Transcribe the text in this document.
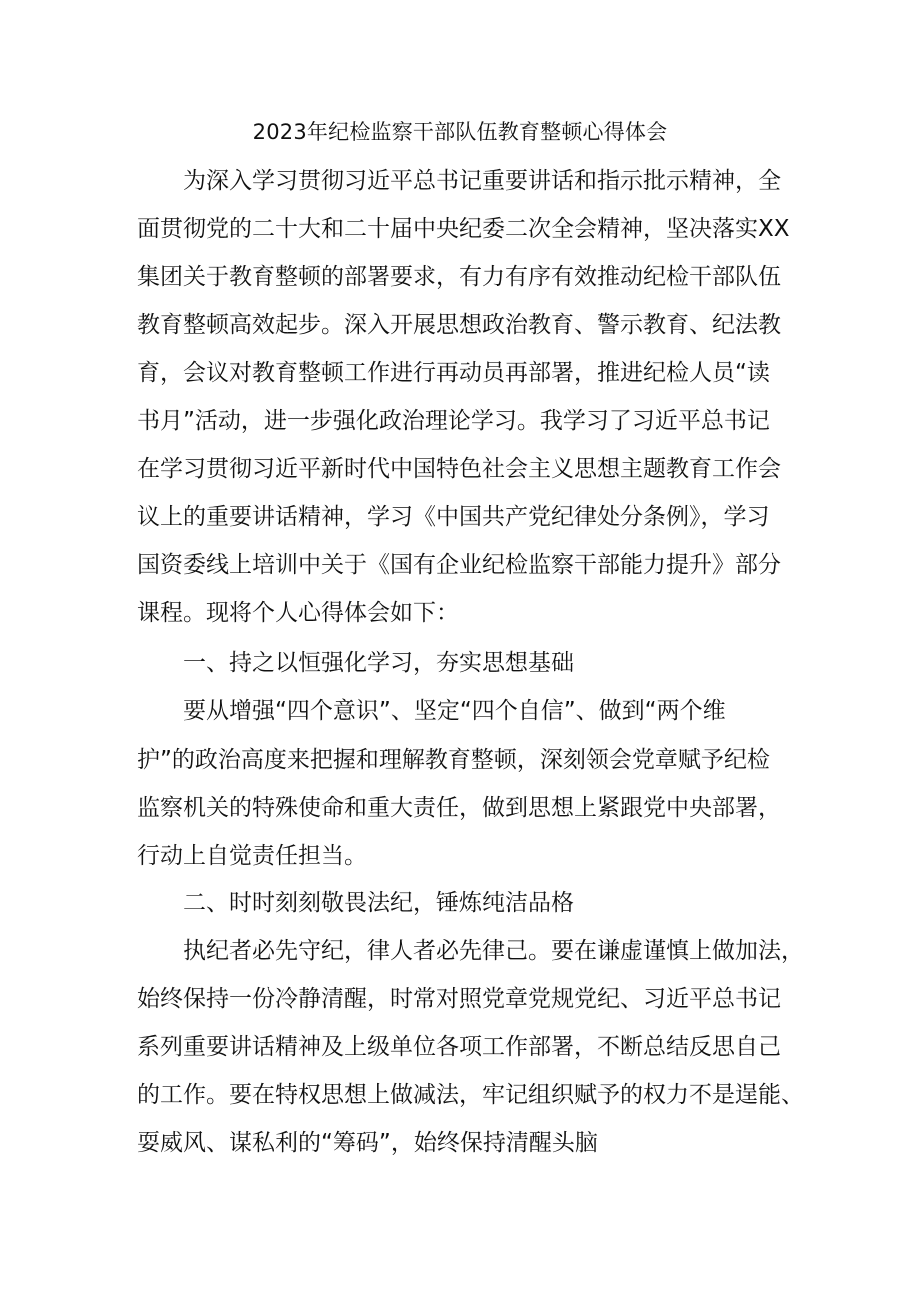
2023年纪检监察干部队伍教育整顿心得体会
为深入学习贯彻习近平总书记重要讲话和指示批示精神，全
面贯彻党的二十大和二十届中央纪委二次全会精神，坚决落实XX
集团关于教育整顿的部署要求，有力有序有效推动纪检干部队伍
教育整顿高效起步。深入开展思想政治教育、警示教育、纪法教
育，会议对教育整顿工作进行再动员再部署，推进纪检人员“读
书月”活动，进一步强化政治理论学习。我学习了习近平总书记
在学习贯彻习近平新时代中国特色社会主义思想主题教育工作会
议上的重要讲话精神，学习《中国共产党纪律处分条例》，学习
国资委线上培训中关于《国有企业纪检监察干部能力提升》部分
课程。现将个人心得体会如下：
一、持之以恒强化学习，夯实思想基础
要从增强“四个意识”、坚定“四个自信”、做到“两个维
护”的政治高度来把握和理解教育整顿，深刻领会党章赋予纪检
监察机关的特殊使命和重大责任，做到思想上紧跟党中央部署，
行动上自觉责任担当。
二、时时刻刻敬畏法纪，锤炼纯洁品格
执纪者必先守纪，律人者必先律己。要在谦虚谨慎上做加法，
始终保持一份冷静清醒，时常对照党章党规党纪、习近平总书记
系列重要讲话精神及上级单位各项工作部署，不断总结反思自己
的工作。要在特权思想上做减法，牢记组织赋予的权力不是逞能、
耍威风、谋私利的“筹码”，始终保持清醒头脑
